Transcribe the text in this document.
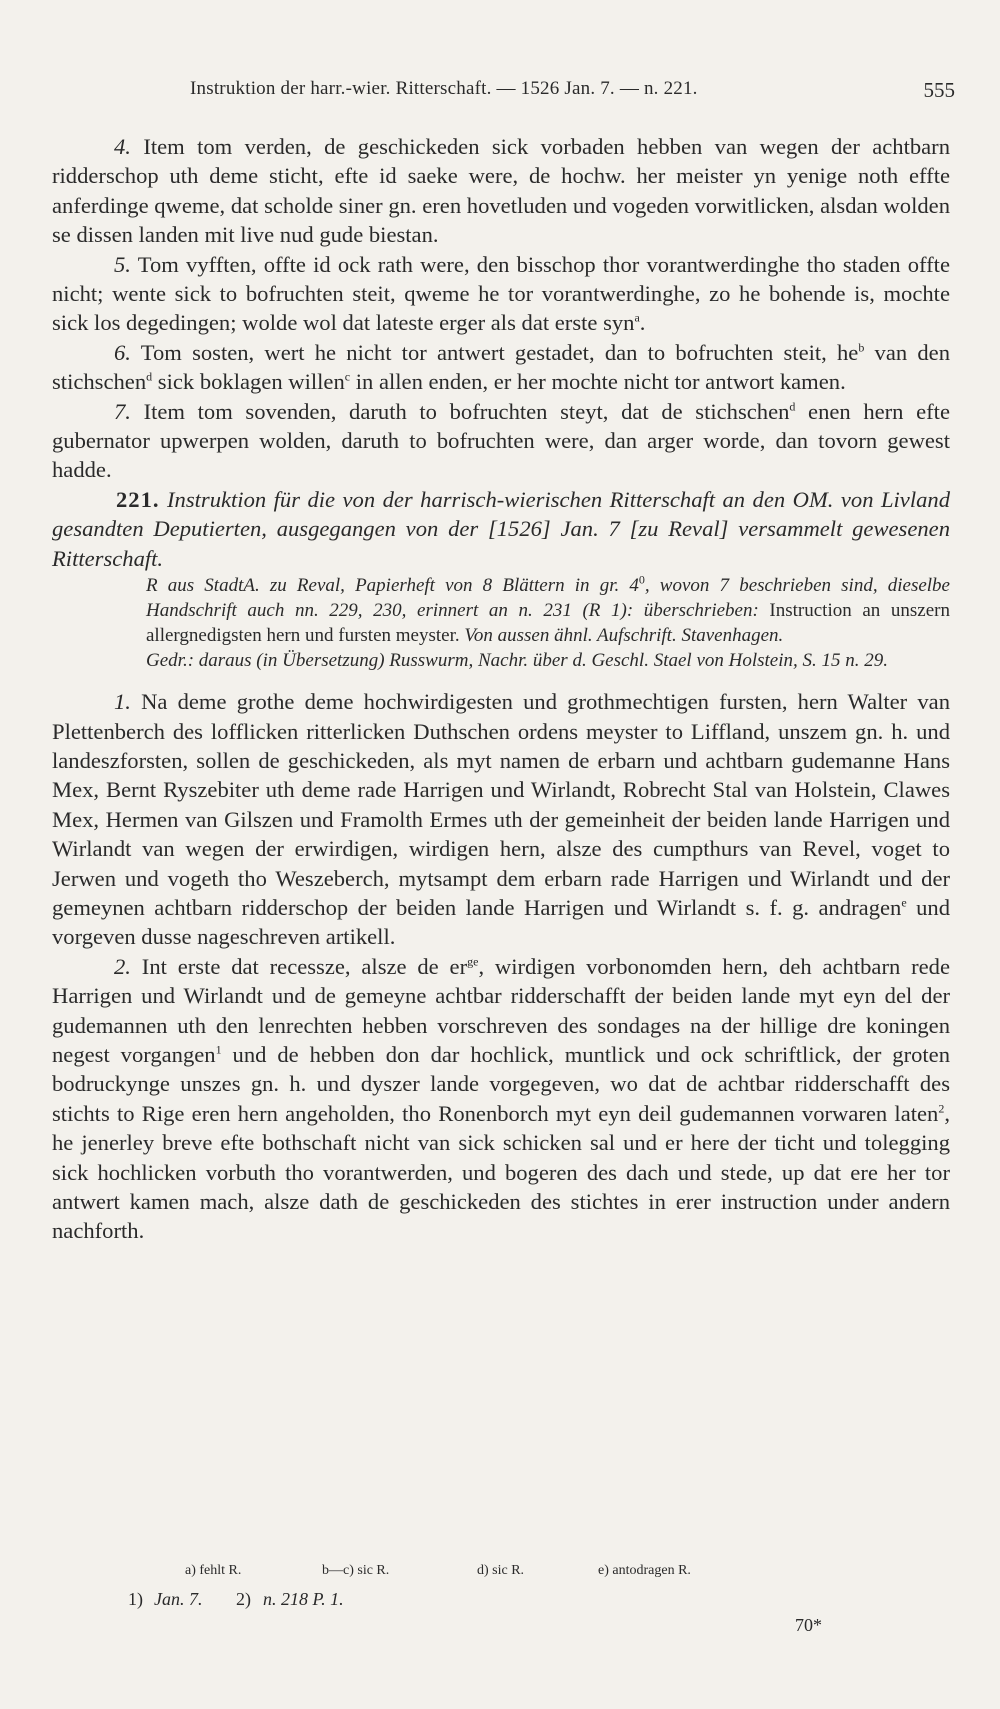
Instruktion der harr.-wier. Ritterschaft. — 1526 Jan. 7. — n. 221.	555

4. Item tom verden, de geschickeden sick vorbaden hebben van wegen der achtbarn ridderschop uth deme sticht, efte id saeke were, de hochw. her meister yn yenige noth effte anferdinge qweme, dat scholde siner gn. eren hovetluden und vogeden vorwitlicken, alsdan wolden se dissen landen mit live nud gude biestan.

5. Tom vyfften, offte id ock rath were, den bisschop thor vorantwerdinghe tho staden offte nicht; wente sick to bofruchten steit, qweme he tor vorantwerdinghe, zo he bohende is, mochte sick los degedingen; wolde wol dat lateste erger als dat erste syn$^a$.

6. Tom sosten, wert he nicht tor antwert gestadet, dan to bofruchten steit, $he^b$ van den stichschen$^d$ sick boklagen willen$^c$ in allen enden, er her mochte nicht tor antwort kamen.

7. Item tom sovenden, daruth to bofruchten steyt, dat de stichschen$^d$ enen hern efte gubernator upwerpen wolden, daruth to bofruchten were, dan arger worde, dan tovorn gewest hadde.

221. Instruktion für die von der harrisch-wierischen Ritterschaft an den OM. von Livland gesandten Deputierten, ausgegangen von der [1526] Jan. 7 [zu Reval] versammelt gewesenen Ritterschaft.

R aus StadtA. zu Reval, Papierheft von 8 Blättern in gr. $4^0$, wovon 7 beschrieben sind, dieselbe Handschrift auch nn. 229, 230, erinnert an n. 231 (R 1): überschrieben: Instruction an unszern allergnedigsten hern und fursten meyster. Von aussen ähnl. Aufschrift. Stavenhagen.

Gedr.: daraus (in Übersetzung) Russwurm, Nachr. über d. Geschl. Stael von Holstein, S. 15 n. 29.

1. Na deme grothe deme hochwirdigesten und grothmechtigen fursten, hern Walter van Plettenberch des lofflicken ritterlicken Duthschen ordens meyster to Liffland, unszem gn. h. und landeszforsten, sollen de geschickeden, als myt namen de erbarn und achtbarn gudemanne Hans Mex, Bernt Ryszebiter uth deme rade Harrigen und Wirlandt, Robrecht Stal van Holstein, Clawes Mex, Hermen van Gilszen und Framolth Ermes uth der gemeinheit der beiden lande Harrigen und Wirlandt van wegen der erwirdigen, wirdigen hern, alsze des cumpthurs van Revel, voget to Jerwen und vogeth tho Weszeberch, mytsampt dem erbarn rade Harrigen und Wirlandt und der gemeynen achtbarn ridderschop der beiden lande Harrigen und Wirlandt s. f. g. andragen$^e$ und vorgeven dusse nageschreven artikell.

2. Int erste dat recessze, alsze de $er^{ge}$, wirdigen vorbonomden hern, deh achtbarn rede Harrigen und Wirlandt und de gemeyne achtbar ridderschafft der beiden lande myt eyn del der gudemannen uth den lenrechten hebben vorschreven des sondages na der hillige dre koningen negest vorgangen$^1$ und de hebben don dar hochlick, muntlick und ock schriftlick, der groten bodruckynge unszes gn. h. und dyszer lande vorgegeven, wo dat de achtbar ridderschafft des stichts to Rige eren hern angeholden, tho Ronenborch myt eyn deil gudemannen vorwaren laten$^2$, he jenerley breve efte bothschaft nicht van sick schicken sal und er here der ticht und tolegging sick hochlicken vorbuth tho vorantwerden, und bogeren des dach und stede, up dat ere her tor antwert kamen mach, alsze dath de geschickeden des stichtes in erer instruction under andern nachforth.

a) fehlt R.	b—c) sic R.	d) sic R.	e) antodragen R.
1) Jan. 7. 2) n. 218 P. 1.
70*
